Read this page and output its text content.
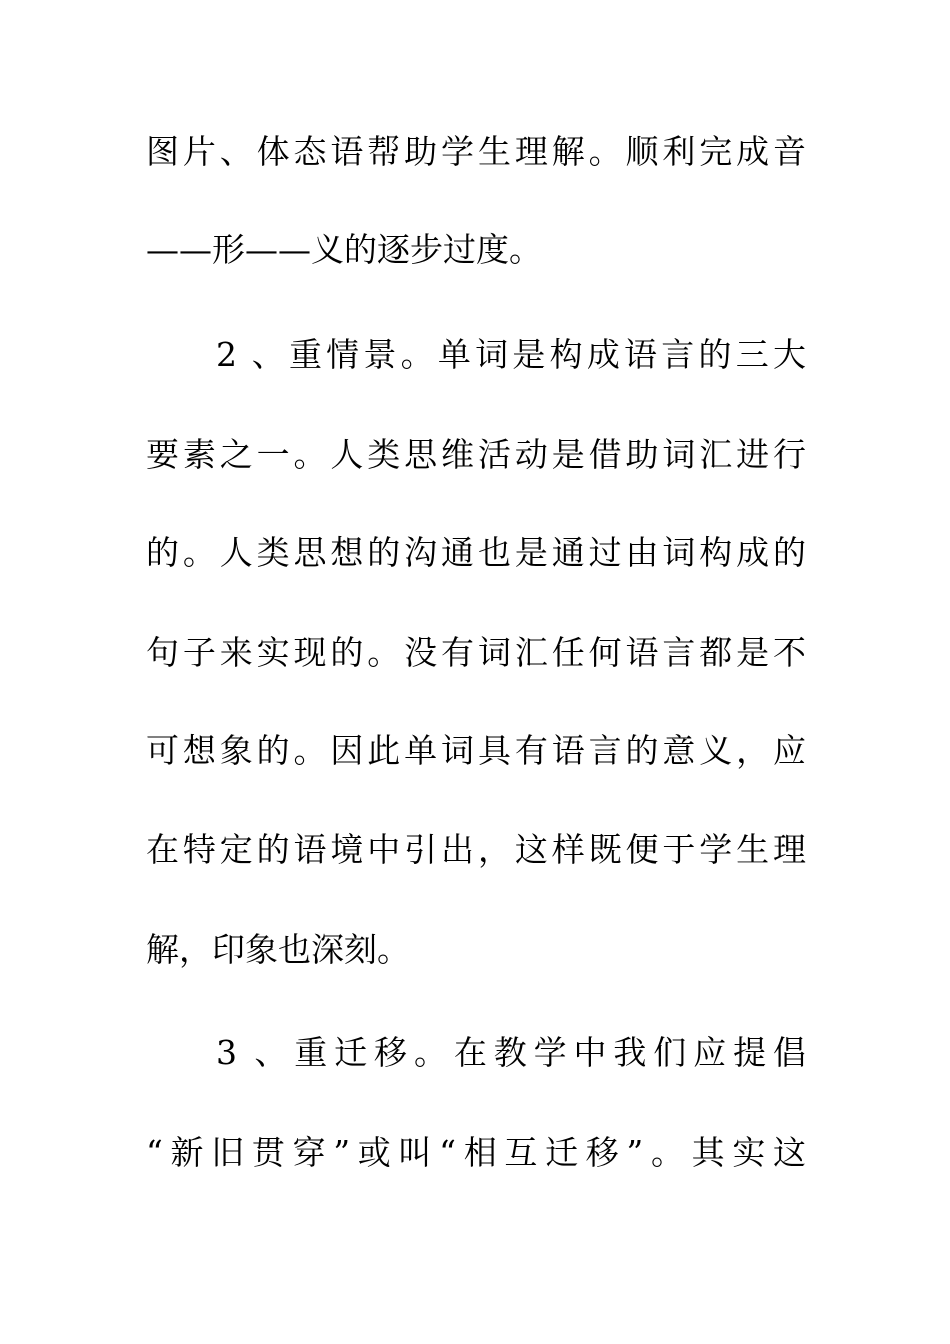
图片、体态语帮助学生理解。顺利完成音
——形——义的逐步过度。
2 、重情景。单词是构成语言的三大
要素之一。人类思维活动是借助词汇进行
的。人类思想的沟通也是通过由词构成的
句子来实现的。没有词汇任何语言都是不
可想象的。因此单词具有语言的意义，应
在特定的语境中引出，这样既便于学生理
解，印象也深刻。
3 、重迁移。在教学中我们应提倡
“新旧贯穿”或叫“相互迁移”。其实这
